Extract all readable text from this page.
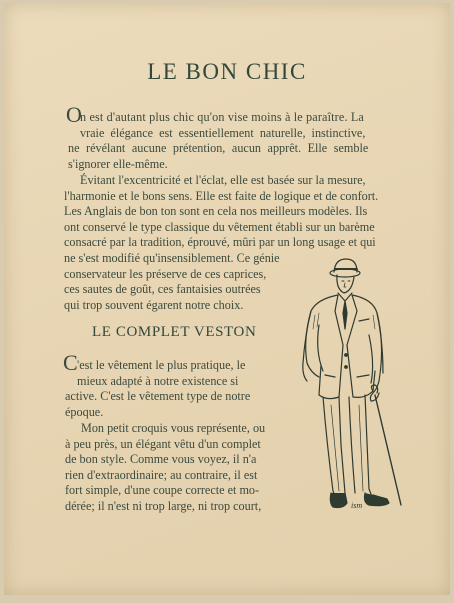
LE BON CHIC
O
n est d'autant plus chic qu'on vise moins à le paraître. La
vraie élégance est essentiellement naturelle, instinctive,
ne révélant aucune prétention, aucun apprêt. Elle semble
s'ignorer elle-même.
Évitant l'excentricité et l'éclat, elle est basée sur la mesure,
l'harmonie et le bons sens. Elle est faite de logique et de confort.
Les Anglais de bon ton sont en cela nos meilleurs modèles. Ils
ont conservé le type classique du vêtement établi sur un barème
consacré par la tradition, éprouvé, mûri par un long usage et qui
ne s'est modifié qu'insensiblement. Ce génie
conservateur les préserve de ces caprices,
ces sautes de goût, ces fantaisies outrées
qui trop souvent égarent notre choix.
LE COMPLET VESTON
C 'est le vêtement le plus pratique, le
mieux adapté à notre existence si
active. C'est le vêtement type de notre
époque.
Mon petit croquis vous représente, ou
à peu près, un élégant vêtu d'un complet
de bon style. Comme vous voyez, il n'a
rien d'extraordinaire; au contraire, il est
fort simple, d'une coupe correcte et mo-
dérée; il n'est ni trop large, ni trop court,	ism
